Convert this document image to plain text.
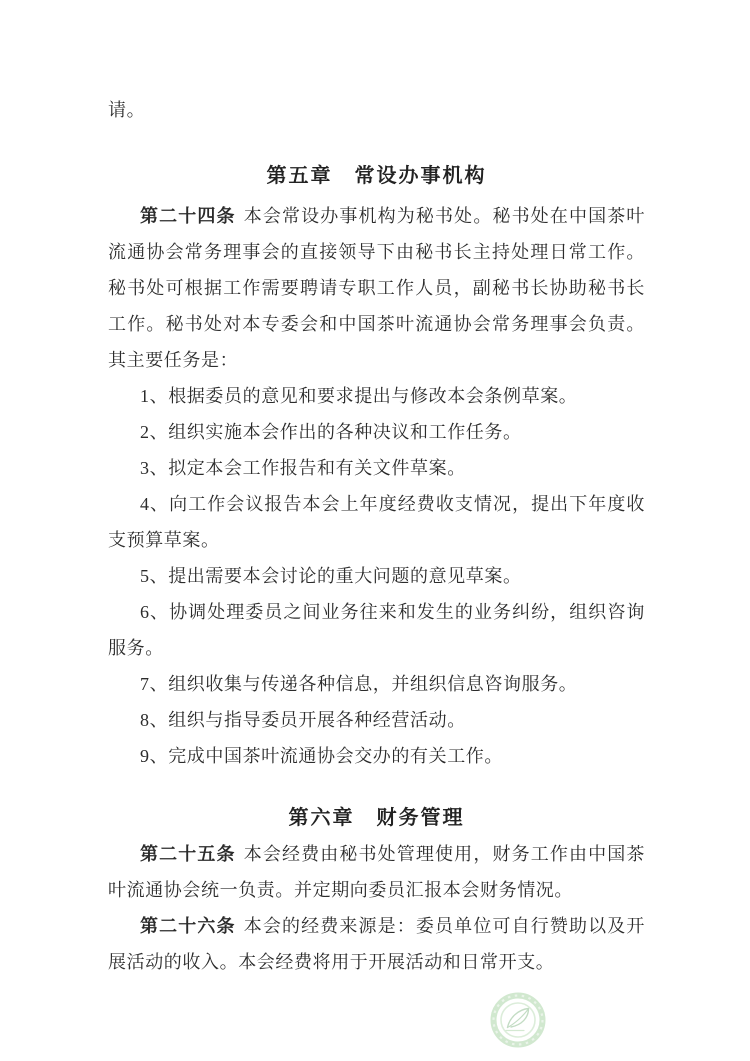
请。

第五章　常设办事机构

第二十四条 本会常设办事机构为秘书处。秘书处在中国茶叶流通协会常务理事会的直接领导下由秘书长主持处理日常工作。秘书处可根据工作需要聘请专职工作人员，副秘书长协助秘书长工作。秘书处对本专委会和中国茶叶流通协会常务理事会负责。其主要任务是：

1、根据委员的意见和要求提出与修改本会条例草案。

2、组织实施本会作出的各种决议和工作任务。

3、拟定本会工作报告和有关文件草案。

4、向工作会议报告本会上年度经费收支情况，提出下年度收支预算草案。

5、提出需要本会讨论的重大问题的意见草案。

6、协调处理委员之间业务往来和发生的业务纠纷，组织咨询服务。

7、组织收集与传递各种信息，并组织信息咨询服务。

8、组织与指导委员开展各种经营活动。

9、完成中国茶叶流通协会交办的有关工作。

第六章　财务管理

第二十五条 本会经费由秘书处管理使用，财务工作由中国茶叶流通协会统一负责。并定期向委员汇报本会财务情况。

第二十六条 本会的经费来源是：委员单位可自行赞助以及开展活动的收入。本会经费将用于开展活动和日常开支。
